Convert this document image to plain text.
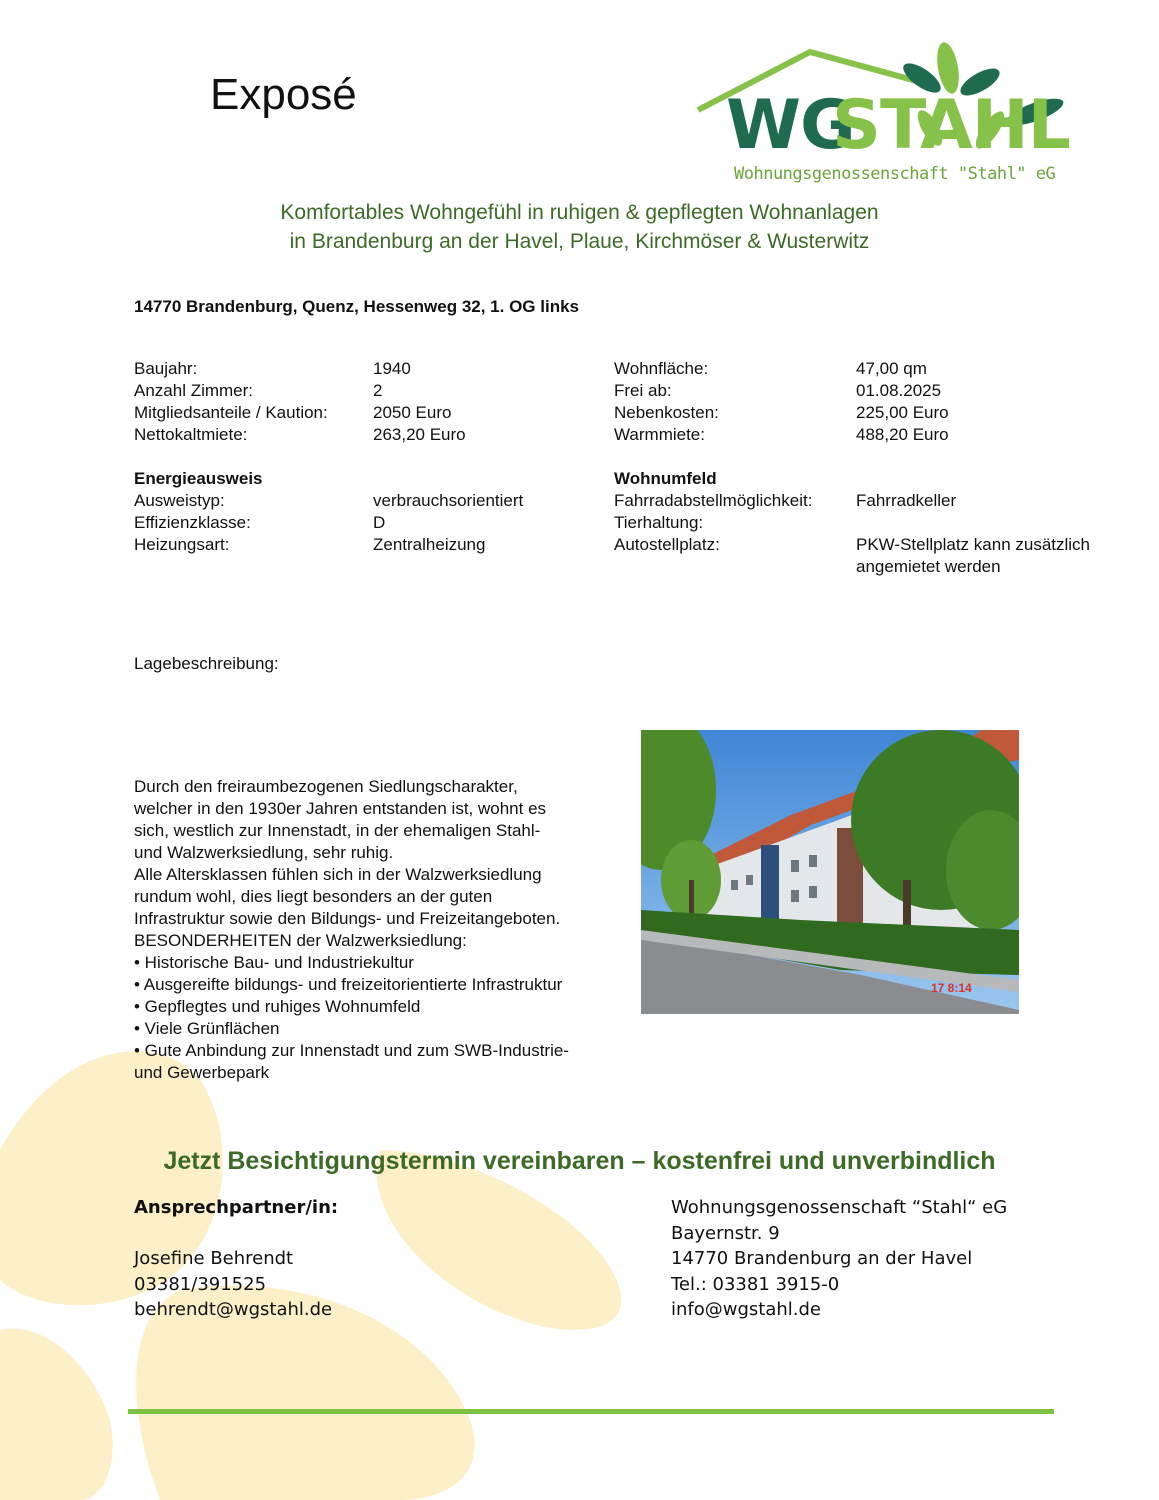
Exposé	WG
STAHL
Wohnungsgenossenschaft "Stahl" eG
Komfortables Wohngefühl in ruhigen & gepflegten Wohnanlagen
in Brandenburg an der Havel, Plaue, Kirchmöser & Wusterwitz
14770 Brandenburg, Quenz, Hessenweg 32, 1. OG links
Baujahr:	1940	Wohnfläche:	47,00 qm
Anzahl Zimmer:	2	Frei ab:	01.08.2025
Mitgliedsanteile / Kaution:	2050 Euro	Nebenkosten:	225,00 Euro
Nettokaltmiete:	263,20 Euro	Warmmiete:	488,20 Euro
Energieausweis	Wohnumfeld
Ausweistyp:	verbrauchsorientiert	Fahrradabstellmöglichkeit:	Fahrradkeller
Effizienzklasse:	D	Tierhaltung:
Heizungsart:	Zentralheizung	Autostellplatz:	PKW-Stellplatz kann zusätzlich
angemietet werden
Lagebeschreibung:
Durch den freiraumbezogenen Siedlungscharakter,
welcher in den 1930er Jahren entstanden ist, wohnt es
sich, westlich zur Innenstadt, in der ehemaligen Stahl-
und Walzwerksiedlung, sehr ruhig.
Alle Altersklassen fühlen sich in der Walzwerksiedlung
rundum wohl, dies liegt besonders an der guten
Infrastruktur sowie den Bildungs- und Freizeitangeboten.
BESONDERHEITEN der Walzwerksiedlung:
• Historische Bau- und Industriekultur
• Ausgereifte bildungs- und freizeitorientierte Infrastruktur
• Gepflegtes und ruhiges Wohnumfeld
• Viele Grünflächen
• Gute Anbindung zur Innenstadt und zum SWB-Industrie-
und Gewerbepark
17 8:14
Jetzt Besichtigungstermin vereinbaren – kostenfrei und unverbindlich
Ansprechpartner/in:
Josefine Behrendt
03381/391525
behrendt@wgstahl.de
Wohnungsgenossenschaft “Stahl“ eG
Bayernstr. 9
14770 Brandenburg an der Havel
Tel.: 03381 3915-0
info@wgstahl.de
